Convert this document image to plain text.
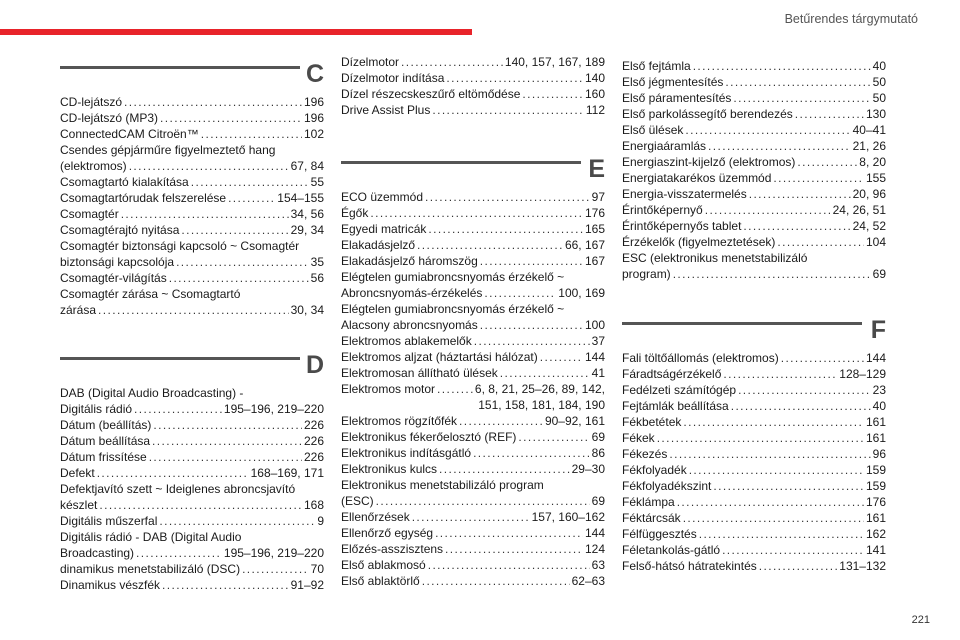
Betűrendes tárgymutató
C
CD-lejátszó .....	196
CD-lejátszó (MP3) .....	196
ConnectedCAM Citroën™ .....	102
Csendes gépjárműre figyelmeztető hang
(elektromos) .....	67, 84
Csomagtartó kialakítása .....	55
Csomagtartórudak felszerelése .....	154–155
Csomagtér .....	34, 56
Csomagtérajtó nyitása .....	29, 34
Csomagtér biztonsági kapcsoló ~ Csomagtér
biztonsági kapcsolója .....	35
Csomagtér-világítás .....	56
Csomagtér zárása ~ Csomagtartó
zárása .....	30, 34
D
DAB (Digital Audio Broadcasting) -
Digitális rádió .....	195–196, 219–220
Dátum (beállítás) .....	226
Dátum beállítása .....	226
Dátum frissítése .....	226
Defekt .....	168–169, 171
Defektjavító szett ~ Ideiglenes abroncsjavító
készlet .....	168
Digitális műszerfal .....	9
Digitális rádió - DAB (Digital Audio
Broadcasting) .....	195–196, 219–220
dinamikus menetstabilizáló (DSC) .....	70
Dinamikus vészfék .....	91–92
Dízelmotor .....	140, 157, 167, 189
Dízelmotor indítása .....	140
Dízel részecskeszűrő eltömődése .....	160
Drive Assist Plus .....	112
E
ECO üzemmód .....	97
Égők .....	176
Egyedi matricák .....	165
Elakadásjelző .....	66, 167
Elakadásjelző háromszög .....	167
Elégtelen gumiabroncsnyomás érzékelő ~
Abroncsnyomás-érzékelés .....	100, 169
Elégtelen gumiabroncsnyomás érzékelő ~
Alacsony abroncsnyomás .....	100
Elektromos ablakemelők .....	37
Elektromos aljzat (háztartási hálózat) .....	144
Elektromosan állítható ülések .....	41
Elektromos motor .....	6, 8, 21, 25–26, 89, 142,
151, 158, 181, 184, 190
Elektromos rögzítőfék .....	90–92, 161
Elektronikus fékerőelosztó (REF) .....	69
Elektronikus indításgátló .....	86
Elektronikus kulcs .....	29–30
Elektronikus menetstabilizáló program
(ESC) .....	69
Ellenőrzések .....	157, 160–162
Ellenőrző egység .....	144
Előzés-asszisztens .....	124
Első ablakmosó .....	63
Első ablaktörlő .....	62–63
Első fejtámla .....	40
Első jégmentesítés .....	50
Első páramentesítés .....	50
Első parkolássegítő berendezés .....	130
Első ülések .....	40–41
Energiaáramlás .....	21, 26
Energiaszint-kijelző (elektromos) .....	8, 20
Energiatakarékos üzemmód .....	155
Energia-visszatermelés .....	20, 96
Érintőképernyő .....	24, 26, 51
Érintőképernyős tablet .....	24, 52
Érzékelők (figyelmeztetések) .....	104
ESC (elektronikus menetstabilizáló
program) .....	69
F
Fali töltőállomás (elektromos) .....	144
Fáradtságérzékelő .....	128–129
Fedélzeti számítógép .....	23
Fejtámlák beállítása .....	40
Fékbetétek .....	161
Fékek .....	161
Fékezés .....	96
Fékfolyadék .....	159
Fékfolyadékszint .....	159
Féklámpa .....	176
Féktárcsák .....	161
Félfüggesztés .....	162
Féletankolás-gátló .....	141
Felső-hátsó hátratekintés .....	131–132
221
